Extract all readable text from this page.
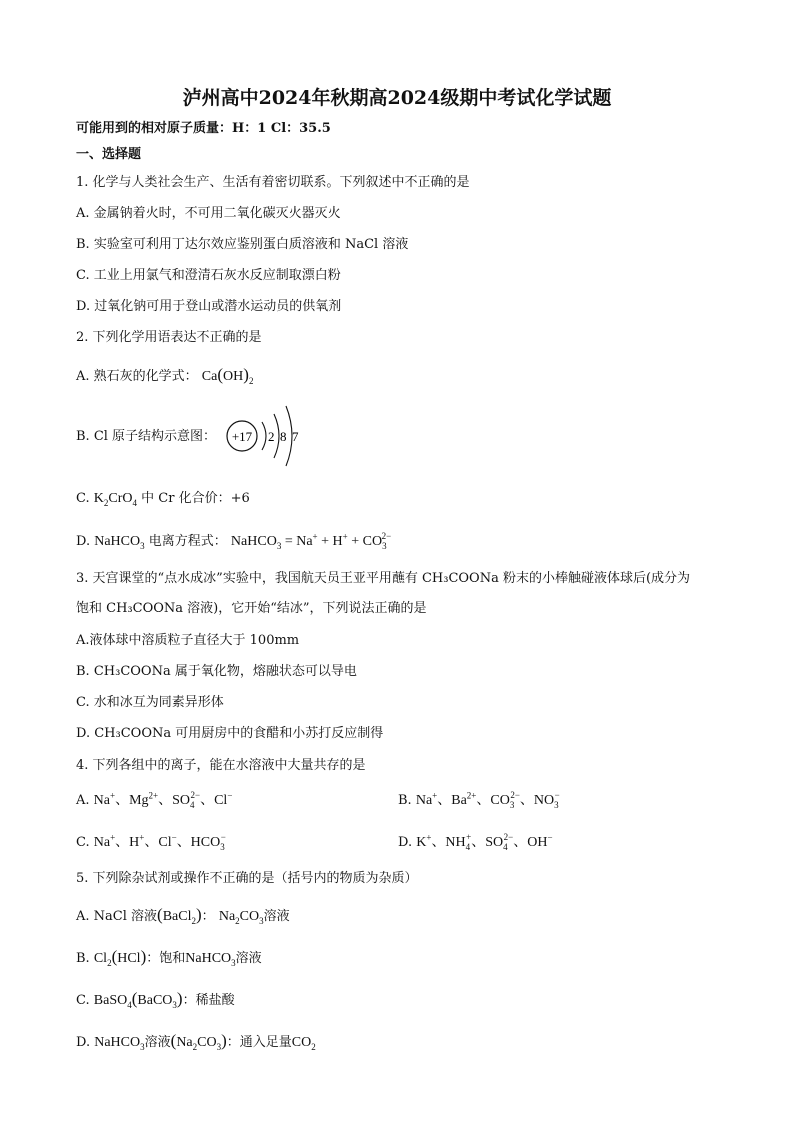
泸州高中2024年秋期高2024级期中考试化学试题
可能用到的相对原子质量：H：1 Cl：35.5
一、选择题
1. 化学与人类社会生产、生活有着密切联系。下列叙述中不正确的是
A. 金属钠着火时，不可用二氧化碳灭火器灭火
B. 实验室可利用丁达尔效应鉴别蛋白质溶液和 NaCl 溶液
C. 工业上用氯气和澄清石灰水反应制取漂白粉
D. 过氧化钠可用于登山或潜水运动员的供氧剂
2. 下列化学用语表达不正确的是
A. 熟石灰的化学式： $Ca(OH)_2$
B. Cl 原子结构示意图： +17 2 8 7
C. $K_2CrO_4$ 中 Cr 化合价：+6
D. NaHCO$_3$ 电离方程式： NaHCO$_3$ = $Na^+ + H^+ + CO_3^{2-}$
3. 天宫课堂的“点水成冰”实验中，我国航天员王亚平用蘸有 CH₃COONa 粉末的小棒触碰液体球后(成分为
饱和 CH₃COONa 溶液)，它开始“结冰”，下列说法正确的是
A.液体球中溶质粒子直径大于 100mm
B. CH₃COONa 属于氧化物，熔融状态可以导电
C. 水和冰互为同素异形体
D. CH₃COONa 可用厨房中的食醋和小苏打反应制得
4. 下列各组中的离子，能在水溶液中大量共存的是
A. Na+、$Mg^{2+}$、$SO_4^{2-}$、Cl−	B. Na+、$Ba^{2+}$、$CO_3^{2-}$、$NO_3^-$
C. Na+、H+、Cl−、$HCO_3^-$	D. K+、$NH_4^+$、$SO_4^{2-}$、OH−
5. 下列除杂试剂或操作不正确的是（括号内的物质为杂质）
A. NaCl 溶液(BaCl$_2$)： $Na_2CO_3$溶液
B. $Cl_2(HCl)$：饱和NaHCO$_3$溶液
C. BaSO$_4$(BaCO$_3$)：稀盐酸
D. NaHCO$_3$溶液$(Na_2CO_3)$：通入足量$CO_2$
